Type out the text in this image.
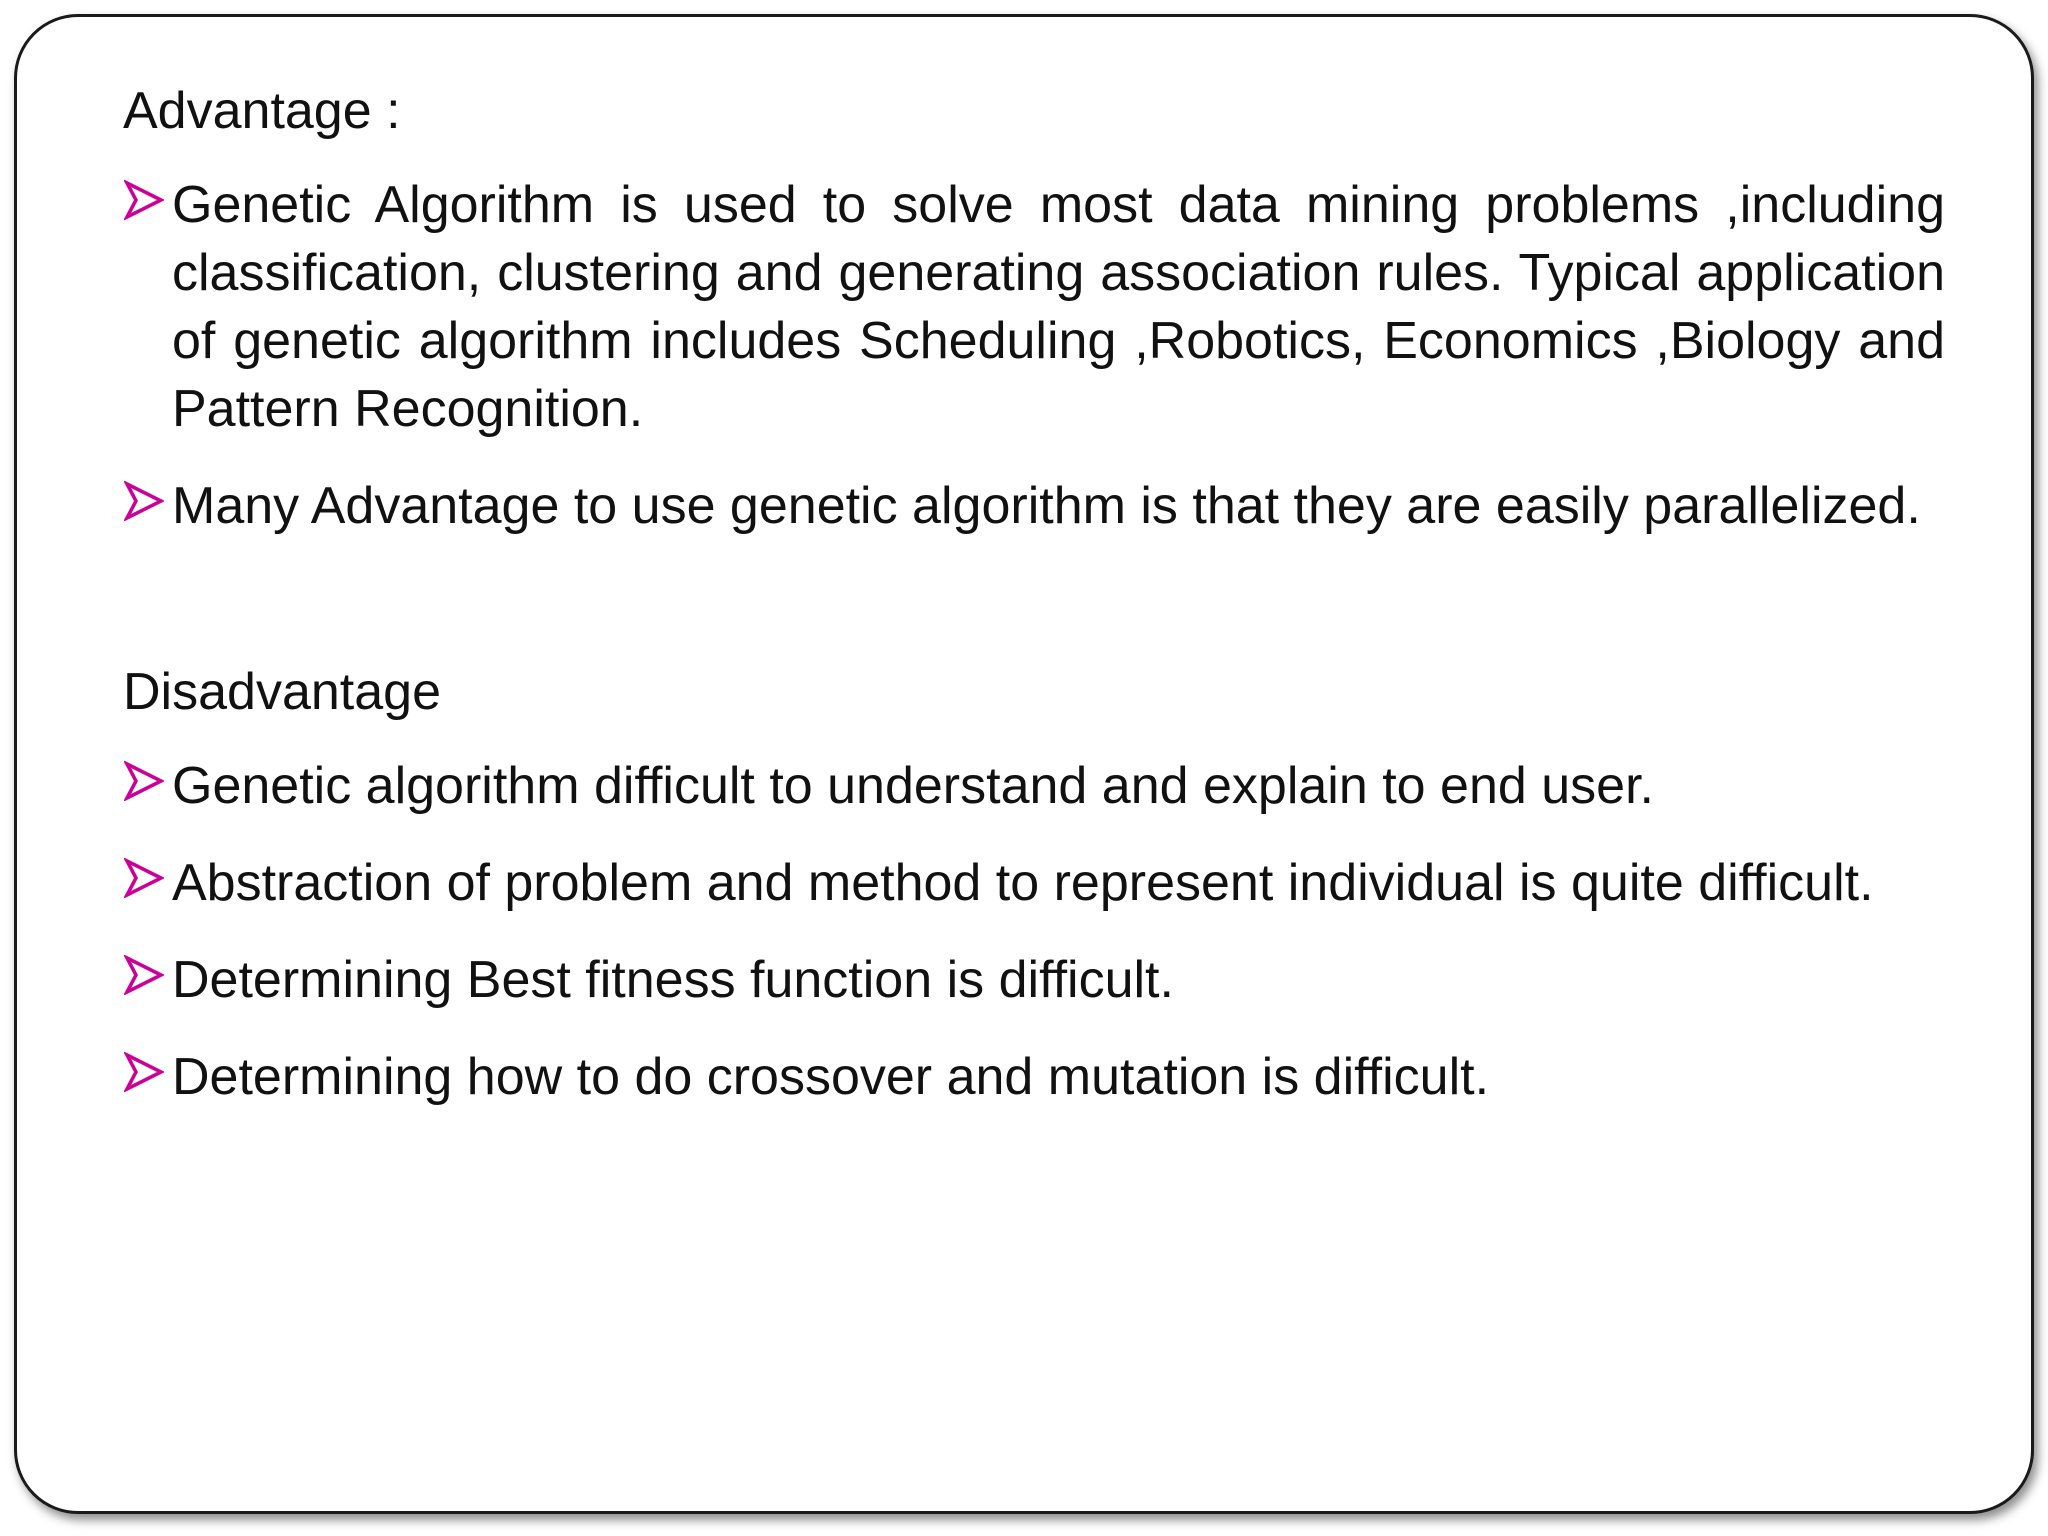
Advantage :
Genetic Algorithm is used to solve most data mining problems ,including classification, clustering and generating association rules. Typical application of genetic algorithm includes Scheduling ,Robotics, Economics ,Biology and Pattern Recognition.
Many Advantage to use genetic algorithm is that they are easily parallelized.
Disadvantage
Genetic algorithm difficult to understand and explain to end user.
Abstraction of problem and method to represent individual is quite difficult.
Determining Best fitness function is difficult.
Determining how to do crossover and mutation is difficult.
